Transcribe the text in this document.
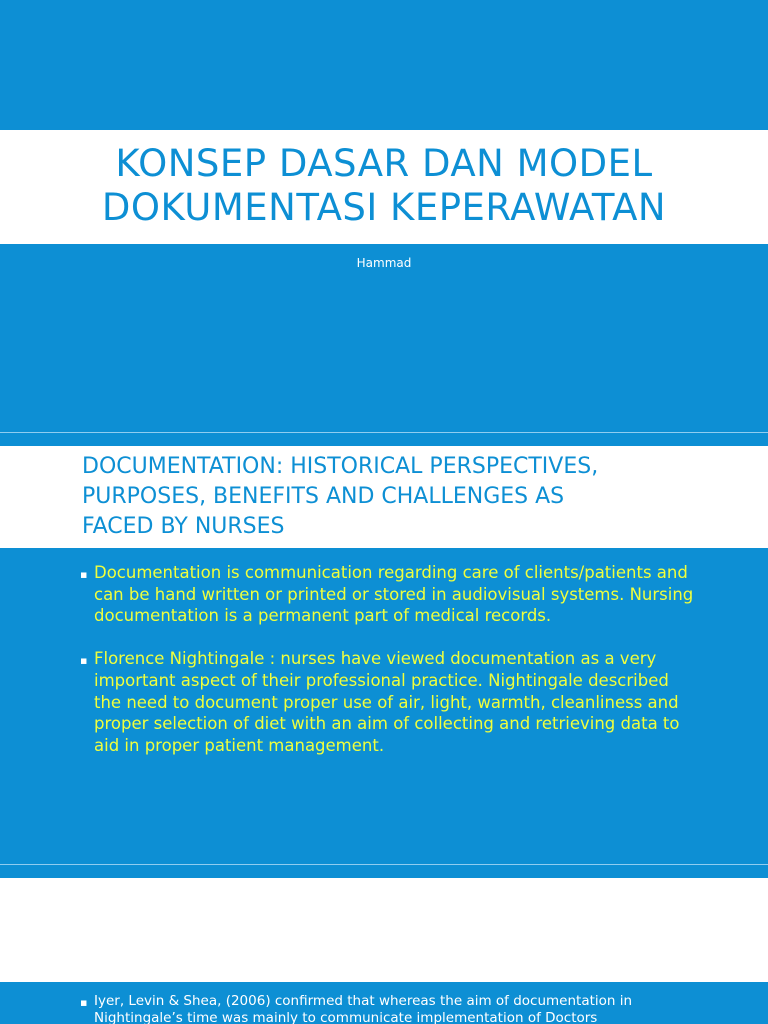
KONSEP DASAR DAN MODEL
DOKUMENTASI KEPERAWATAN
Hammad
DOCUMENTATION: HISTORICAL PERSPECTIVES,
PURPOSES, BENEFITS AND CHALLENGES AS
FACED BY NURSES
▪ Documentation is communication regarding care of clients/patients and can be hand written or printed or stored in audiovisual systems. Nursing documentation is a permanent part of medical records.
▪ Florence Nightingale : nurses have viewed documentation as a very important aspect of their professional practice. Nightingale described the need to document proper use of air, light, warmth, cleanliness and proper selection of diet with an aim of collecting and retrieving data to aid in proper patient management.
▪ Iyer, Levin & Shea, (2006) confirmed that whereas the aim of documentation in Nightingale’s time was mainly to communicate implementation of Doctors
